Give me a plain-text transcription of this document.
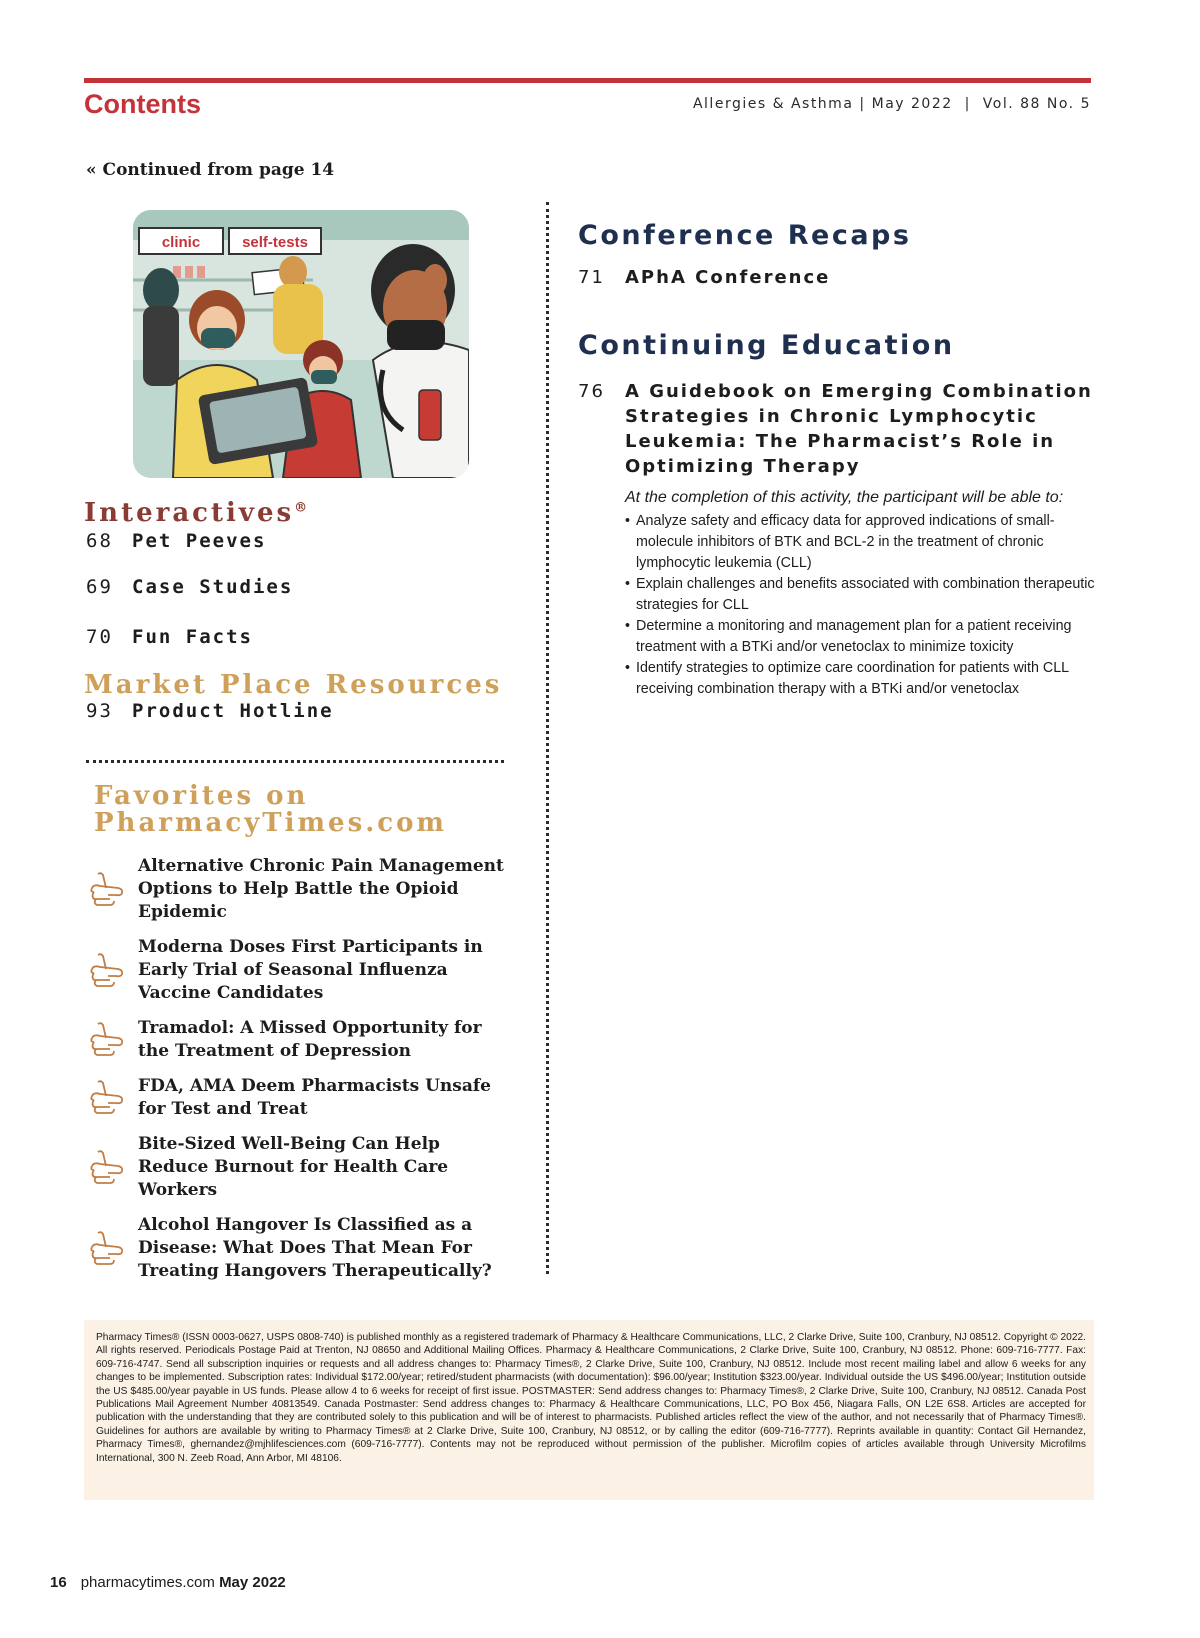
Contents	Allergies & Asthma | May 2022 | Vol. 88 No. 5
« Continued from page 14
clinic	self-tests
Interactives®
68 Pet Peeves
69 Case Studies
70 Fun Facts
Market Place Resources
93 Product Hotline
Favorites on
PharmacyTimes.com
Alternative Chronic Pain Management Options to Help Battle the Opioid Epidemic
Moderna Doses First Participants in Early Trial of Seasonal Influenza Vaccine Candidates
Tramadol: A Missed Opportunity for the Treatment of Depression
FDA, AMA Deem Pharmacists Unsafe for Test and Treat
Bite-Sized Well-Being Can Help Reduce Burnout for Health Care Workers
Alcohol Hangover Is Classified as a Disease: What Does That Mean For Treating Hangovers Therapeutically?
Conference Recaps
71	APhA Conference
Continuing Education
76	A Guidebook on Emerging Combination Strategies in Chronic Lymphocytic Leukemia: The Pharmacist’s Role in Optimizing Therapy
At the completion of this activity, the participant will be able to:
• Analyze safety and efficacy data for approved indications of small-molecule inhibitors of BTK and BCL-2 in the treatment of chronic lymphocytic leukemia (CLL)
• Explain challenges and benefits associated with combination therapeutic strategies for CLL
• Determine a monitoring and management plan for a patient receiving treatment with a BTKi and/or venetoclax to minimize toxicity
• Identify strategies to optimize care coordination for patients with CLL receiving combination therapy with a BTKi and/or venetoclax
Pharmacy Times® (ISSN 0003-0627, USPS 0808-740) is published monthly as a registered trademark of Pharmacy & Healthcare Communications, LLC, 2 Clarke Drive, Suite 100, Cranbury, NJ 08512. Copyright © 2022. All rights reserved. Periodicals Postage Paid at Trenton, NJ 08650 and Additional Mailing Offices. Pharmacy & Healthcare Communications, 2 Clarke Drive, Suite 100, Cranbury, NJ 08512. Phone: 609-716-7777. Fax: 609-716-4747. Send all subscription inquiries or requests and all address changes to: Pharmacy Times®, 2 Clarke Drive, Suite 100, Cranbury, NJ 08512. Include most recent mailing label and allow 6 weeks for any changes to be implemented. Subscription rates: Individual $172.00/year; retired/student pharmacists (with documentation): $96.00/year; Institution $323.00/year. Individual outside the US $496.00/year; Institution outside the US $485.00/year payable in US funds. Please allow 4 to 6 weeks for receipt of first issue. POSTMASTER: Send address changes to: Pharmacy Times®, 2 Clarke Drive, Suite 100, Cranbury, NJ 08512. Canada Post Publications Mail Agreement Number 40813549. Canada Postmaster: Send address changes to: Pharmacy & Healthcare Communications, LLC, PO Box 456, Niagara Falls, ON L2E 6S8. Articles are accepted for publication with the understanding that they are contributed solely to this publication and will be of interest to pharmacists. Published articles reflect the view of the author, and not necessarily that of Pharmacy Times®. Guidelines for authors are available by writing to Pharmacy Times® at 2 Clarke Drive, Suite 100, Cranbury, NJ 08512, or by calling the editor (609-716-7777). Reprints available in quantity: Contact Gil Hernandez, Pharmacy Times®, ghernandez@mjhlifesciences.com (609-716-7777). Contents may not be reproduced without permission of the publisher. Microfilm copies of articles available through University Microfilms International, 300 N. Zeeb Road, Ann Arbor, MI 48106.
16 pharmacytimes.com May 2022
